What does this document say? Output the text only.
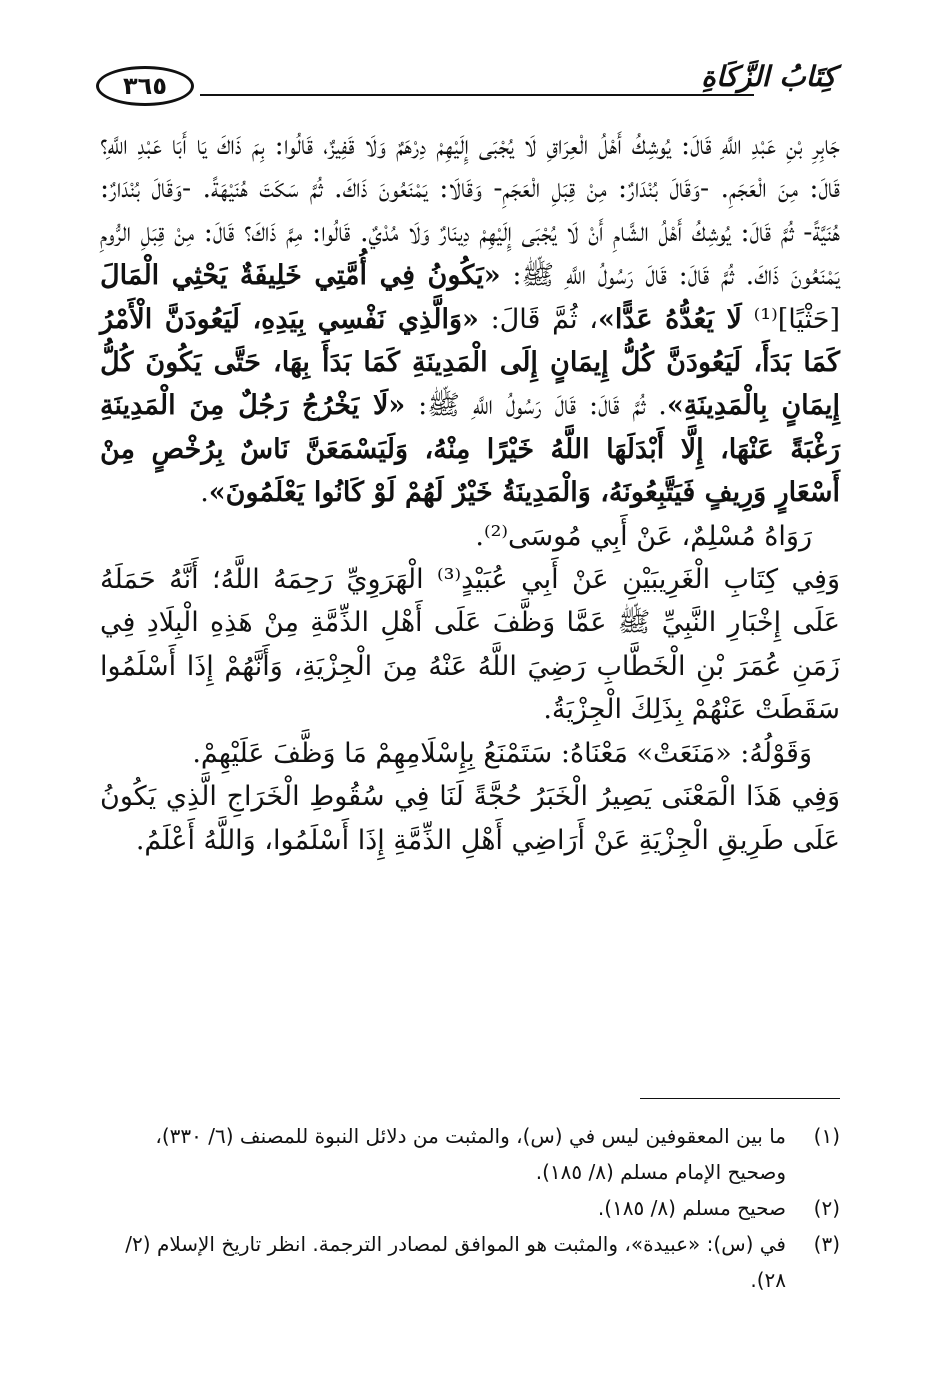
٣٦٥	كِتَابُ الزَّكَاةِ

جَابِرِ بْنِ عَبْدِ اللَّهِ قَالَ: يُوشِكُ أَهْلُ الْعِرَاقِ لَا يُجْبَى إِلَيْهِمْ دِرْهَمٌ وَلَا قَفِيزٌ، قَالُوا: بِمَ ذَاكَ يَا أَبَا عَبْدِ اللَّهِ؟ قَالَ: مِنَ الْعَجَمِ. -وَقَالَ بُنْدَارٌ: مِنْ قِبَلِ الْعَجَمِ- وَقَالَا: يَمْنَعُونَ ذَاكَ. ثُمَّ سَكَتَ هُنَيْهَةً. -وَقَالَ بُنْدَارٌ: هُنَيَّةً- ثُمَّ قَالَ: يُوشِكُ أَهْلُ الشَّامِ أَنْ لَا يُجْبَى إِلَيْهِمْ دِينَارٌ وَلَا مُدْيٌ. قَالُوا: مِمَّ ذَاكَ؟ قَالَ: مِنْ قِبَلِ الرُّومِ يَمْنَعُونَ ذَاكَ. ثُمَّ قَالَ: قَالَ رَسُولُ اللَّهِ ﷺ: «يَكُونُ فِي أُمَّتِي خَلِيفَةٌ يَحْثِي الْمَالَ [حَثْيًا]⁽¹⁾ لَا يَعُدُّهُ عَدًّا»، ثُمَّ قَالَ: «وَالَّذِي نَفْسِي بِيَدِهِ، لَيَعُودَنَّ الْأَمْرُ كَمَا بَدَأَ، لَيَعُودَنَّ كُلُّ إِيمَانٍ إِلَى الْمَدِينَةِ كَمَا بَدَأَ بِهَا، حَتَّى يَكُونَ كُلُّ إِيمَانٍ بِالْمَدِينَةِ». ثُمَّ قَالَ: قَالَ رَسُولُ اللَّهِ ﷺ: «لَا يَخْرُجُ رَجُلٌ مِنَ الْمَدِينَةِ رَغْبَةً عَنْهَا، إِلَّا أَبْدَلَهَا اللَّهُ خَيْرًا مِنْهُ، وَلَيَسْمَعَنَّ نَاسٌ بِرُخْصٍ مِنْ أَسْعَارٍ وَرِيفٍ فَيَتَّبِعُونَهُ، وَالْمَدِينَةُ خَيْرٌ لَهُمْ لَوْ كَانُوا يَعْلَمُونَ».

رَوَاهُ مُسْلِمٌ، عَنْ أَبِي مُوسَى⁽²⁾.

وَفِي كِتَابِ الْغَرِيبَيْنِ عَنْ أَبِي عُبَيْدٍ⁽³⁾ الْهَرَوِيِّ رَحِمَهُ اللَّهُ؛ أَنَّهُ حَمَلَهُ عَلَى إِخْبَارِ النَّبِيِّ ﷺ عَمَّا وَظَّفَ عَلَى أَهْلِ الذِّمَّةِ مِنْ هَذِهِ الْبِلَادِ فِي زَمَنِ عُمَرَ بْنِ الْخَطَّابِ رَضِيَ اللَّهُ عَنْهُ مِنَ الْجِزْيَةِ، وَأَنَّهُمْ إِذَا أَسْلَمُوا سَقَطَتْ عَنْهُمْ بِذَلِكَ الْجِزْيَةُ.

وَقَوْلُهُ: «مَنَعَتْ» مَعْنَاهُ: سَتَمْنَعُ بِإِسْلَامِهِمْ مَا وَظَّفَ عَلَيْهِمْ.

وَفِي هَذَا الْمَعْنَى يَصِيرُ الْخَبَرُ حُجَّةً لَنَا فِي سُقُوطِ الْخَرَاجِ الَّذِي يَكُونُ عَلَى طَرِيقِ الْجِزْيَةِ عَنْ أَرَاضِي أَهْلِ الذِّمَّةِ إِذَا أَسْلَمُوا، وَاللَّهُ أَعْلَمُ.

(١)
ما بين المعقوفين ليس في (س)، والمثبت من دلائل النبوة للمصنف (٦/ ٣٣٠)، وصحيح الإمام مسلم (٨/ ١٨٥).
(٢)
صحيح مسلم (٨/ ١٨٥).
(٣)
في (س): «عبيدة»، والمثبت هو الموافق لمصادر الترجمة. انظر تاريخ الإسلام (٢/ ٢٨).
